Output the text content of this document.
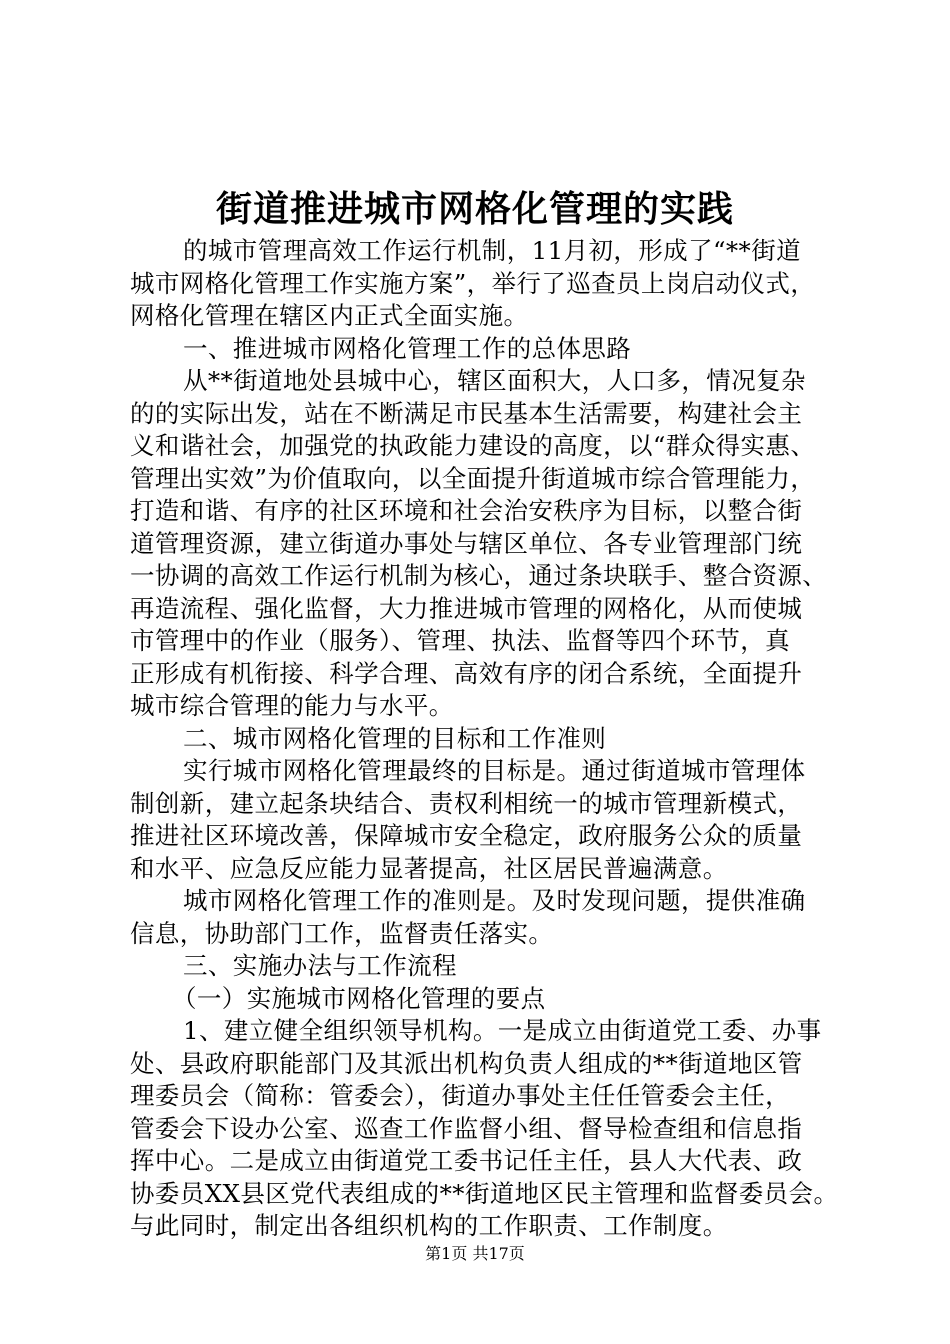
街道推进城市网格化管理的实践
的城市管理高效工作运行机制，11月初，形成了“**街道
城市网格化管理工作实施方案”，举行了巡查员上岗启动仪式，
网格化管理在辖区内正式全面实施。
一、推进城市网格化管理工作的总体思路
从**街道地处县城中心，辖区面积大，人口多，情况复杂
的的实际出发，站在不断满足市民基本生活需要，构建社会主
义和谐社会，加强党的执政能力建设的高度，以“群众得实惠、
管理出实效”为价值取向，以全面提升街道城市综合管理能力，
打造和谐、有序的社区环境和社会治安秩序为目标，以整合街
道管理资源，建立街道办事处与辖区单位、各专业管理部门统
一协调的高效工作运行机制为核心，通过条块联手、整合资源、
再造流程、强化监督，大力推进城市管理的网格化，从而使城
市管理中的作业（服务）、管理、执法、监督等四个环节，真
正形成有机衔接、科学合理、高效有序的闭合系统，全面提升
城市综合管理的能力与水平。
二、城市网格化管理的目标和工作准则
实行城市网格化管理最终的目标是。通过街道城市管理体
制创新，建立起条块结合、责权利相统一的城市管理新模式，
推进社区环境改善，保障城市安全稳定，政府服务公众的质量
和水平、应急反应能力显著提高，社区居民普遍满意。
城市网格化管理工作的准则是。及时发现问题，提供准确
信息，协助部门工作，监督责任落实。
三、实施办法与工作流程
（一）实施城市网格化管理的要点
1、建立健全组织领导机构。一是成立由街道党工委、办事
处、县政府职能部门及其派出机构负责人组成的**街道地区管
理委员会（简称：管委会），街道办事处主任任管委会主任，
管委会下设办公室、巡查工作监督小组、督导检查组和信息指
挥中心。二是成立由街道党工委书记任主任，县人大代表、政
协委员XX县区党代表组成的**街道地区民主管理和监督委员会。
与此同时，制定出各组织机构的工作职责、工作制度。
第1页 共17页
